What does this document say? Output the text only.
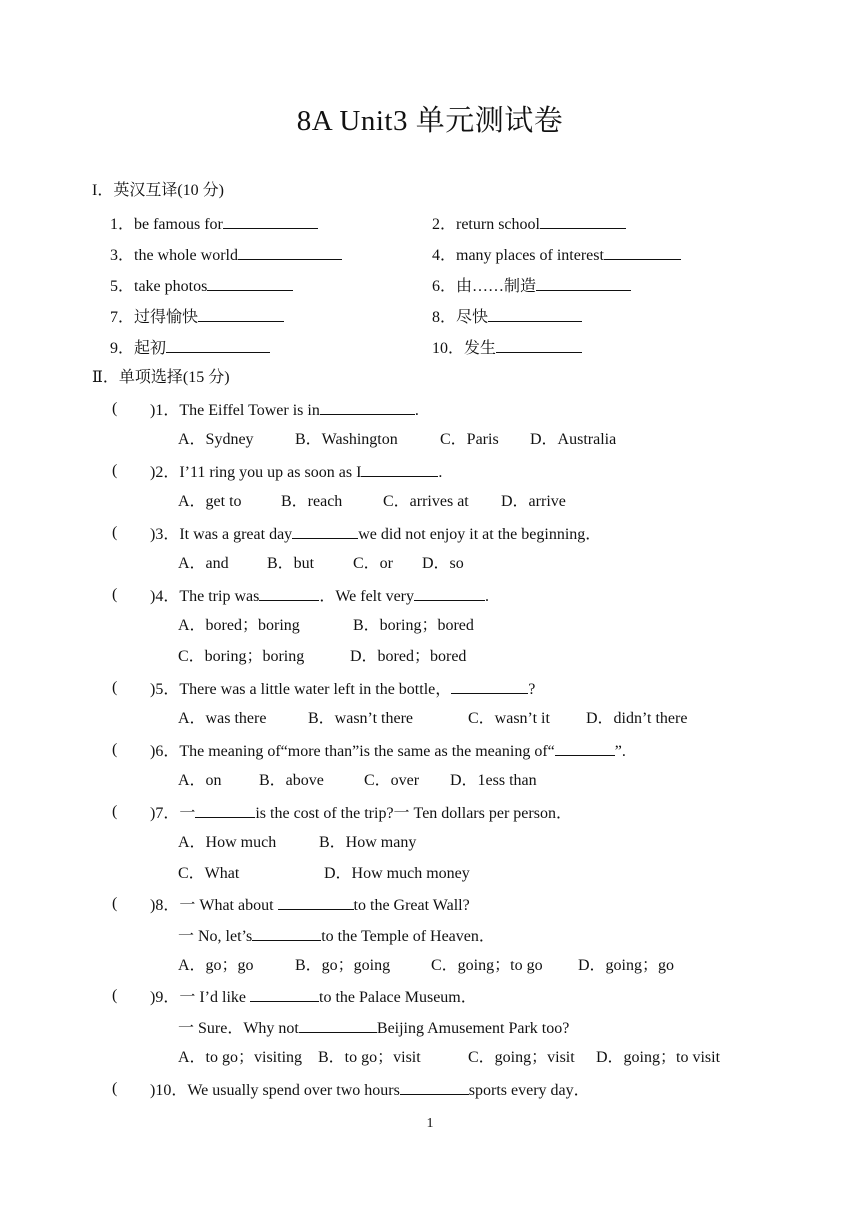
8A Unit3 单元测试卷
I．英汉互译(10 分)
1．be famous for	2．return school
3．the whole world	4．many places of interest
5．take photos	6．由……制造
7．过得愉快	8．尽快
9．起初	10．发生
Ⅱ．单项选择(15 分)
( )1．The Eiffel Tower is in	.
A．Sydney	B．Washington	C．Paris D．Australia
( )2．I’11 ring you up as soon as I	.
A．get to B．reach	C．arrives at D．arrive
( )3．It was a great day	we did not enjoy it at the beginning．
A．and B．but C．or D．so
( )4．The trip was	．We felt very	.
A．bored；boring	B．boring；bored
C．boring；boring	D．bored；bored
( )5．There was a little water left in the bottle，	?
A．was there	B．wasn’t there	C．wasn’t it D．didn’t there
( )6．The meaning of“more than”is the same as the meaning of“	”.
A．on B．above	C．over D．1ess than
( )7．一	is the cost of the trip?一 Ten dollars per person．
A．How much	B．How many
C．What	D．How much money
( )8．一 What about	to the Great Wall?
一 No, let’s	to the Temple of Heaven．
A．go；go	B．go；going	C．going；to go D．going；go
( )9．一 I’d like	to the Palace Museum．
一 Sure．Why not	Beijing Amusement Park too?
A．to go；visiting B．to go；visit	C．going；visit D．going；to visit
( )10．We usually spend over two hours	sports every day．
1
